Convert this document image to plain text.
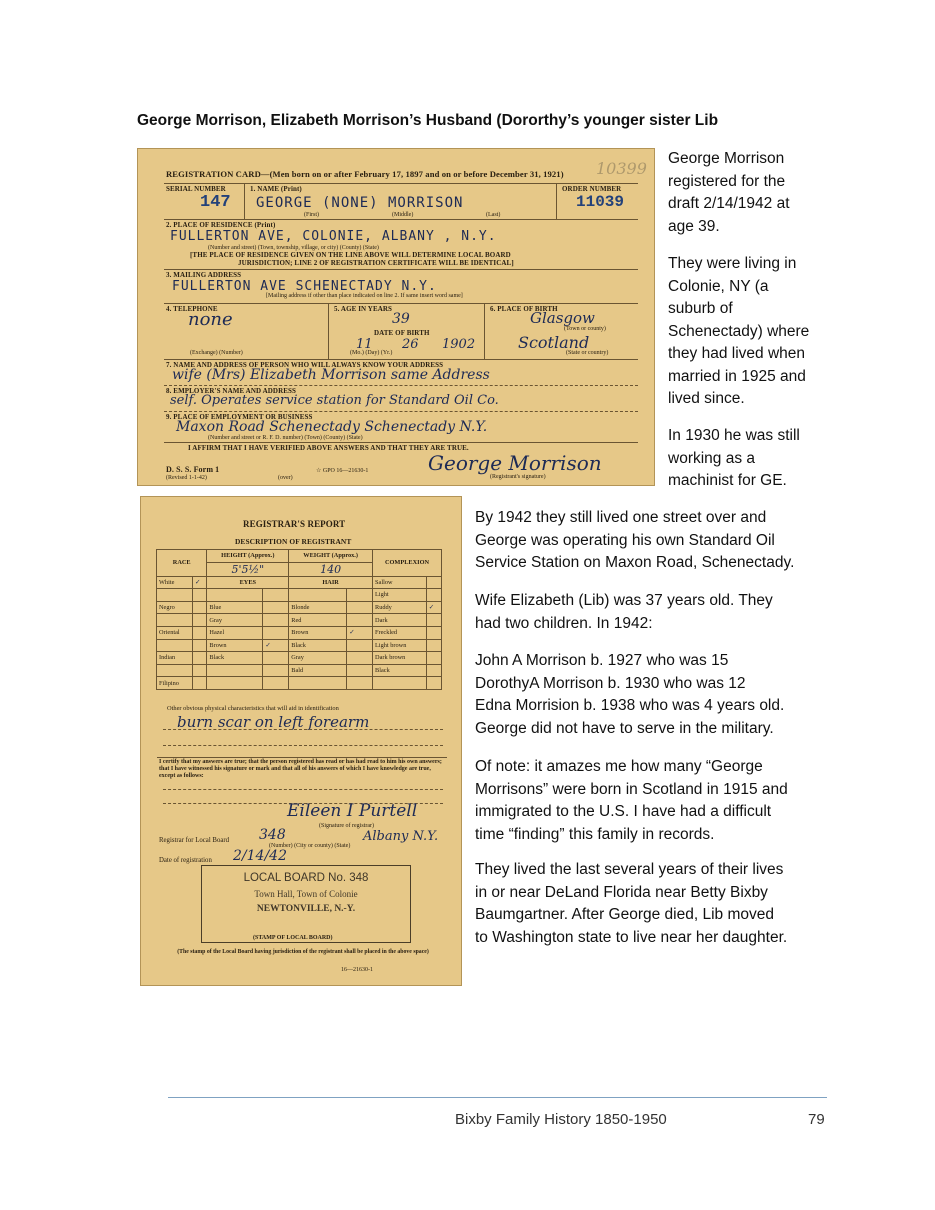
George Morrison, Elizabeth Morrison’s Husband (Dororthy’s younger sister Lib
REGISTRATION CARD—(Men born on or after February 17, 1897 and on or before December 31, 1921) 10399
SERIAL NUMBER
147
1. NAME (Print)
GEORGE (NONE) MORRISON
(First)	(Middle)	(Last)
ORDER NUMBER
11039
2. PLACE OF RESIDENCE (Print)
FULLERTON AVE, COLONIE, ALBANY , N.Y.
(Number and street) (Town, township, village, or city) (County) (State)
[THE PLACE OF RESIDENCE GIVEN ON THE LINE ABOVE WILL DETERMINE LOCAL BOARD
JURISDICTION; LINE 2 OF REGISTRATION CERTIFICATE WILL BE IDENTICAL]
3. MAILING ADDRESS
FULLERTON AVE SCHENECTADY N.Y.
[Mailing address if other than place indicated on line 2. If same insert word same]
4. TELEPHONE
none
(Exchange) (Number)
5. AGE IN YEARS
39
DATE OF BIRTH
11 26 1902
(Mo.) (Day) (Yr.)
6. PLACE OF BIRTH
Glasgow
(Town or county)
Scotland
(State or country)
7. NAME AND ADDRESS OF PERSON WHO WILL ALWAYS KNOW YOUR ADDRESS
wife (Mrs) Elizabeth Morrison same Address
8. EMPLOYER'S NAME AND ADDRESS
self. Operates service station for Standard Oil Co.
9. PLACE OF EMPLOYMENT OR BUSINESS
Maxon Road Schenectady Schenectady N.Y.
(Number and street or R. F. D. number) (Town) (County) (State)
I AFFIRM THAT I HAVE VERIFIED ABOVE ANSWERS AND THAT THEY ARE TRUE.
George Morrison
(Registrant's signature)
D. S. S. Form 1
(Revised 1-1-42)	(over)
☆ GPO 16—21630-1
REGISTRAR'S REPORT
DESCRIPTION OF REGISTRANT
RACE		HEIGHT (Approx.)		WEIGHT (Approx.)		COMPLEXION	
		5'5½"		140			
White	✓	EYES		HAIR		Sallow	
						Light	
Negro		Blue		Blonde		Ruddy	✓
		Gray		Red		Dark	
Oriental		Hazel		Brown	✓	Freckled	
		Brown	✓	Black		Light brown	
Indian		Black		Gray		Dark brown	
				Bald		Black	
Filipino							
Other obvious physical characteristics that will aid in identification
burn scar on left forearm
I certify that my answers are true; that the person registered has read or has had read to him his own answers; that I have witnessed his signature or mark and that all of his answers of which I have knowledge are true, except as follows:
Eileen I Purtell
(Signature of registrar)
Registrar for Local Board 348	Albany N.Y.
(Number) (City or county) (State)
Date of registration 2/14/42
LOCAL BOARD No. 348
Town Hall, Town of Colonie
NEWTONVILLE, N.-Y.
(STAMP OF LOCAL BOARD)
(The stamp of the Local Board having jurisdiction of the registrant shall be placed in the above space)
16—21630-1
George Morrison
registered for the
draft 2/14/1942 at
age 39.
They were living in
Colonie, NY (a
suburb of
Schenectady) where
they had lived when
married in 1925 and
lived since.
In 1930 he was still
working as a
machinist for GE.
By 1942 they still lived one street over and
George was operating his own Standard Oil
Service Station on Maxon Road, Schenectady.
Wife Elizabeth (Lib) was 37 years old. They
had two children. In 1942:
John A Morrison b. 1927 who was 15
DorothyA Morrison b. 1930 who was 12
Edna Morrision b. 1938 who was 4 years old.
George did not have to serve in the military.
Of note: it amazes me how many “George
Morrisons” were born in Scotland in 1915 and
immigrated to the U.S. I have had a difficult
time “finding” this family in records.
They lived the last several years of their lives
in or near DeLand Florida near Betty Bixby
Baumgartner. After George died, Lib moved
to Washington state to live near her daughter.
Bixby Family History 1850-1950	79
